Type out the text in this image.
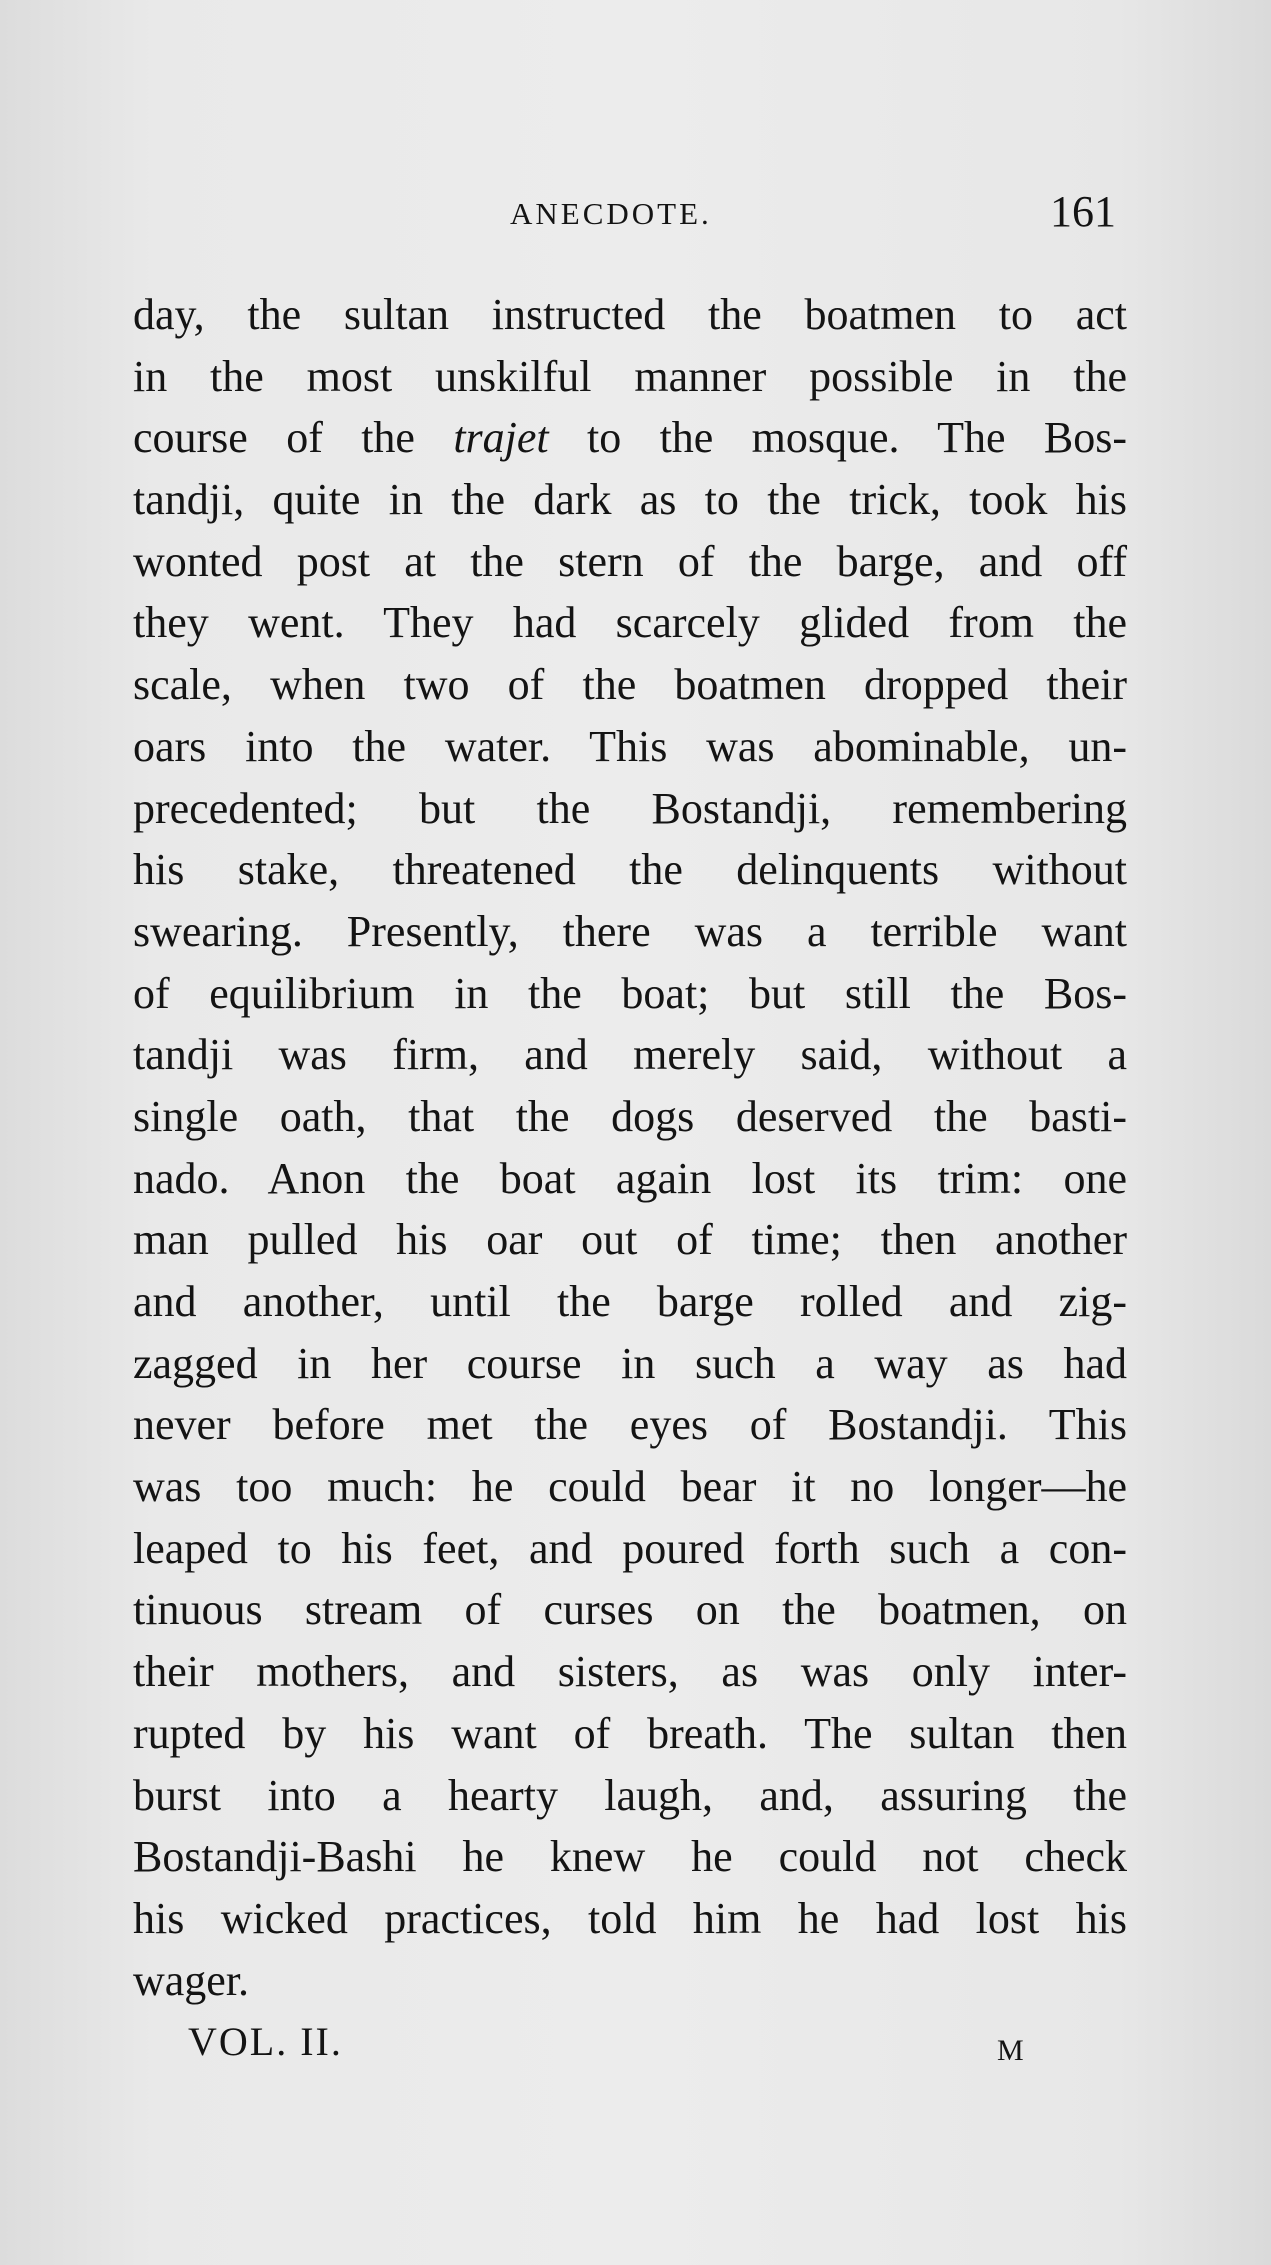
ANECDOTE.	161
day, the sultan instructed the boatmen to act
in the most unskilful manner possible in the
course of the trajet to the mosque. The Bos-
tandji, quite in the dark as to the trick, took his
wonted post at the stern of the barge, and off
they went. They had scarcely glided from the
scale, when two of the boatmen dropped their
oars into the water. This was abominable, un-
precedented; but the Bostandji, remembering
his stake, threatened the delinquents without
swearing. Presently, there was a terrible want
of equilibrium in the boat; but still the Bos-
tandji was firm, and merely said, without a
single oath, that the dogs deserved the basti-
nado. Anon the boat again lost its trim: one
man pulled his oar out of time; then another
and another, until the barge rolled and zig-
zagged in her course in such a way as had
never before met the eyes of Bostandji. This
was too much: he could bear it no longer—he
leaped to his feet, and poured forth such a con-
tinuous stream of curses on the boatmen, on
their mothers, and sisters, as was only inter-
rupted by his want of breath. The sultan then
burst into a hearty laugh, and, assuring the
Bostandji-Bashi he knew he could not check
his wicked practices, told him he had lost his
wager.
VOL. II.	M
